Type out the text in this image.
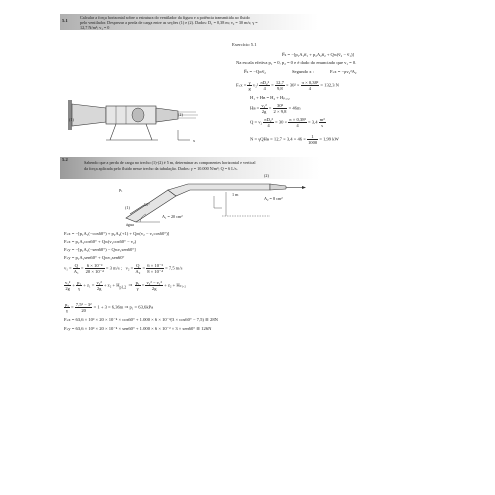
5.1
Calcular a força horizontal sobre a estrutura do ventilador da figura e a potência transmitida ao fluido
pelo ventilador. Desprezar a perda de carga entre as seções (1) e (2). Dados: D₁ = 0,38 m; v₂ = 30 m/s; γ =
12,7 N/m³; v₁ = 0
Exercício 5.1
(1)
(2)
x
F̅s = −[p₁A₁n̅₁ + p₂A₂n̅₂ + Qₘ(v̅₂ − v̅₁)]
Na escala efetiva p₁ = 0, p₂ = 0 e é dado do enunciado que v₁ = 0.
F̅s = −Qₘv̅₂	Segundo x :	Fₛx = −ρv₂²A₂
$F_sx = \frac{\gamma}{g} v_2^2 \frac{\text{πD₂²}}{4} = \frac{12,7}{9,8} \times 30^2 \times \frac{\text{π × 0,38²}}{4} = 132,3$ N
H₁ + Hʙ = H₂ + Hₚ₁,₂
Hʙ = $\frac{\text{v₂²}}{2g} = \frac{\text{30²}}{2 \times 9,8} = 46m$
$Q = v_2 \frac{\text{πD₂²}}{4} = 30 \times \frac{\text{π × 0,38²}}{4} = 3,4 \frac{\text{m³}}{s}$
N = γQHʙ = $12,7 \times 3,4 \times 46 \times \frac{1}{1000} = 1,99$ kW
5.2
Sabendo que a perda de carga no trecho (1)-(2) é 5 m, determinar as componentes horizontal e vertical
da força aplicada pelo fluido nesse trecho da tubulação. Dados: γ = 10.000 N/m³; Q = 6 L/s.
p₁
(1)
água
60°
A₁ = 20 cm²
1 m
(2)
A₂ = 8 cm²
Fₛx = −[p₁A₁(−cos60°) + p₂A₂(+1) + Qₘ(v₂ − v₁cos60°)]
Fₛx = p₁A₁cos60° + Qₘ(v₁cos60° − v₂)
Fₛy = −[p₁A₁(−sen60°) − Qₘv₁sen60°]
Fₛy = p₁A₁sen60° + Qₘv₁sen60°
$v_1 = \frac{Q}{\text{A₁}} = \frac{\text{6 × 10⁻³}}{\text{20 × 10⁻⁴}} = 3$ m/s ; $v_2 = \frac{Q}{\text{A₂}} = \frac{\text{6 × 10⁻³}}{\text{8 × 10⁻⁴}} = 7,5$ m/s
$\frac{\text{v₁²}}{2g} + \frac{\text{p₁}}{\gamma} + z_1 = \frac{\text{v₂²}}{2g} + z_2 + H_{p1,2}$  ⇒ $\frac{\text{p₁}}{\gamma} = \frac{\text{v₂² − v₁²}}{2g} + z_2 + H_{p1},_2$
$\frac{\text{p₁}}{\gamma} = \frac{\text{7,5² − 3²}}{20} = 1 + 3 = 6,36m$ ⇒ p₁ = 63,6kPa
Fₛx = 63,6 × 10³ × 20 × 10⁻⁴ × cos60° + 1.000 × 6 × 10⁻³(3 × cos60° − 7,5) ≅ 28N
Fₛy = 63,6 × 10³ × 20 × 10⁻⁴ × sen60° + 1.000 × 6 × 10⁻³ × 3 × sen60° ≅ 126N
